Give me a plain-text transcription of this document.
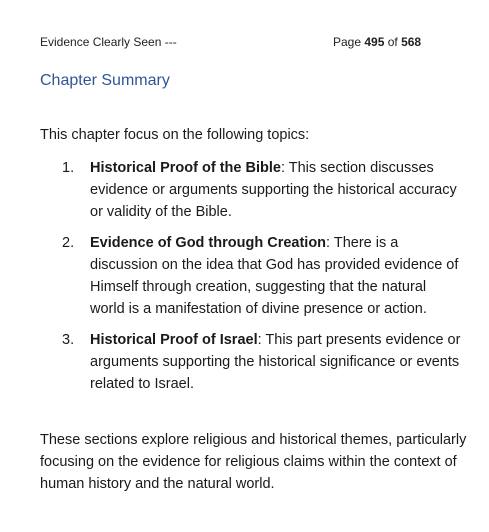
Evidence Clearly Seen ---	Page 495 of 568
Chapter Summary

This chapter focus on the following topics:

1. Historical Proof of the Bible: This section discusses evidence or arguments supporting the historical accuracy or validity of the Bible.
2. Evidence of God through Creation: There is a discussion on the idea that God has provided evidence of Himself through creation, suggesting that the natural world is a manifestation of divine presence or action.
3. Historical Proof of Israel: This part presents evidence or arguments supporting the historical significance or events related to Israel.

These sections explore religious and historical themes, particularly focusing on the evidence for religious claims within the context of human history and the natural world.
